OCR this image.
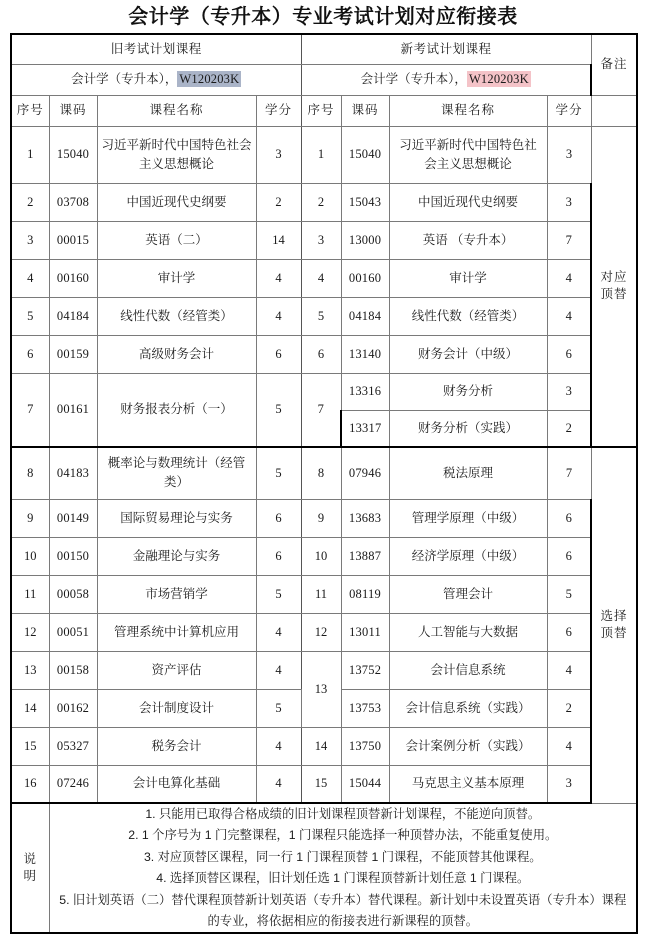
会计学（专升本）专业考试计划对应衔接表
旧考试计划课程				新考试计划课程				备注
会计学（专升本）， W120203K				会计学（专升本）， W120203K				
序号	课码	课程名称	学分	序号	课码	课程名称	学分	
1	15040	习近平新时代中国特色社会主义思想概论	3	1	15040	习近平新时代中国特色社会主义思想概论	3	对应顶替
2	03708	中国近现代史纲要	2	2	15043	中国近现代史纲要	3	
3	00015	英语（二）	14	3	13000	英语 （专升本）	7	
4	00160	审计学	4	4	00160	审计学	4	
5	04184	线性代数（经管类）	4	5	04184	线性代数（经管类）	4	
6	00159	高级财务会计	6	6	13140	财务会计（中级）	6	
7	00161	财务报表分析（一）	5	7	13316	财务分析	3	
					13317	财务分析（实践）	2	
8	04183	概率论与数理统计（经管类）	5	8	07946	税法原理	7	选择顶替
9	00149	国际贸易理论与实务	6	9	13683	管理学原理（中级）	6	
10	00150	金融理论与实务	6	10	13887	经济学原理（中级）	6	
11	00058	市场营销学	5	11	08119	管理会计	5	
12	00051	管理系统中计算机应用	4	12	13011	人工智能与大数据	6	
13	00158	资产评估	4	13	13752	会计信息系统	4	
14	00162	会计制度设计	5		13753	会计信息系统（实践）	2	
15	05327	税务会计	4	14	13750	会计案例分析（实践）	4	
16	07246	会计电算化基础	4	15	15044	马克思主义基本原理	3	

说
明

1. 只能用已取得合格成绩的旧计划课程顶替新计划课程，不能逆向顶替。
2. 1 个序号为 1 门完整课程，1 门课程只能选择一种顶替办法，不能重复使用。
3. 对应顶替区课程，同一行 1 门课程顶替 1 门课程，不能顶替其他课程。
4. 选择顶替区课程，旧计划任选 1 门课程顶替新计划任意 1 门课程。
5. 旧计划英语（二）替代课程顶替新计划英语（专升本）替代课程。新计划中未设置英语（专升本）课程的专业，将依据相应的衔接表进行新课程的顶替。
